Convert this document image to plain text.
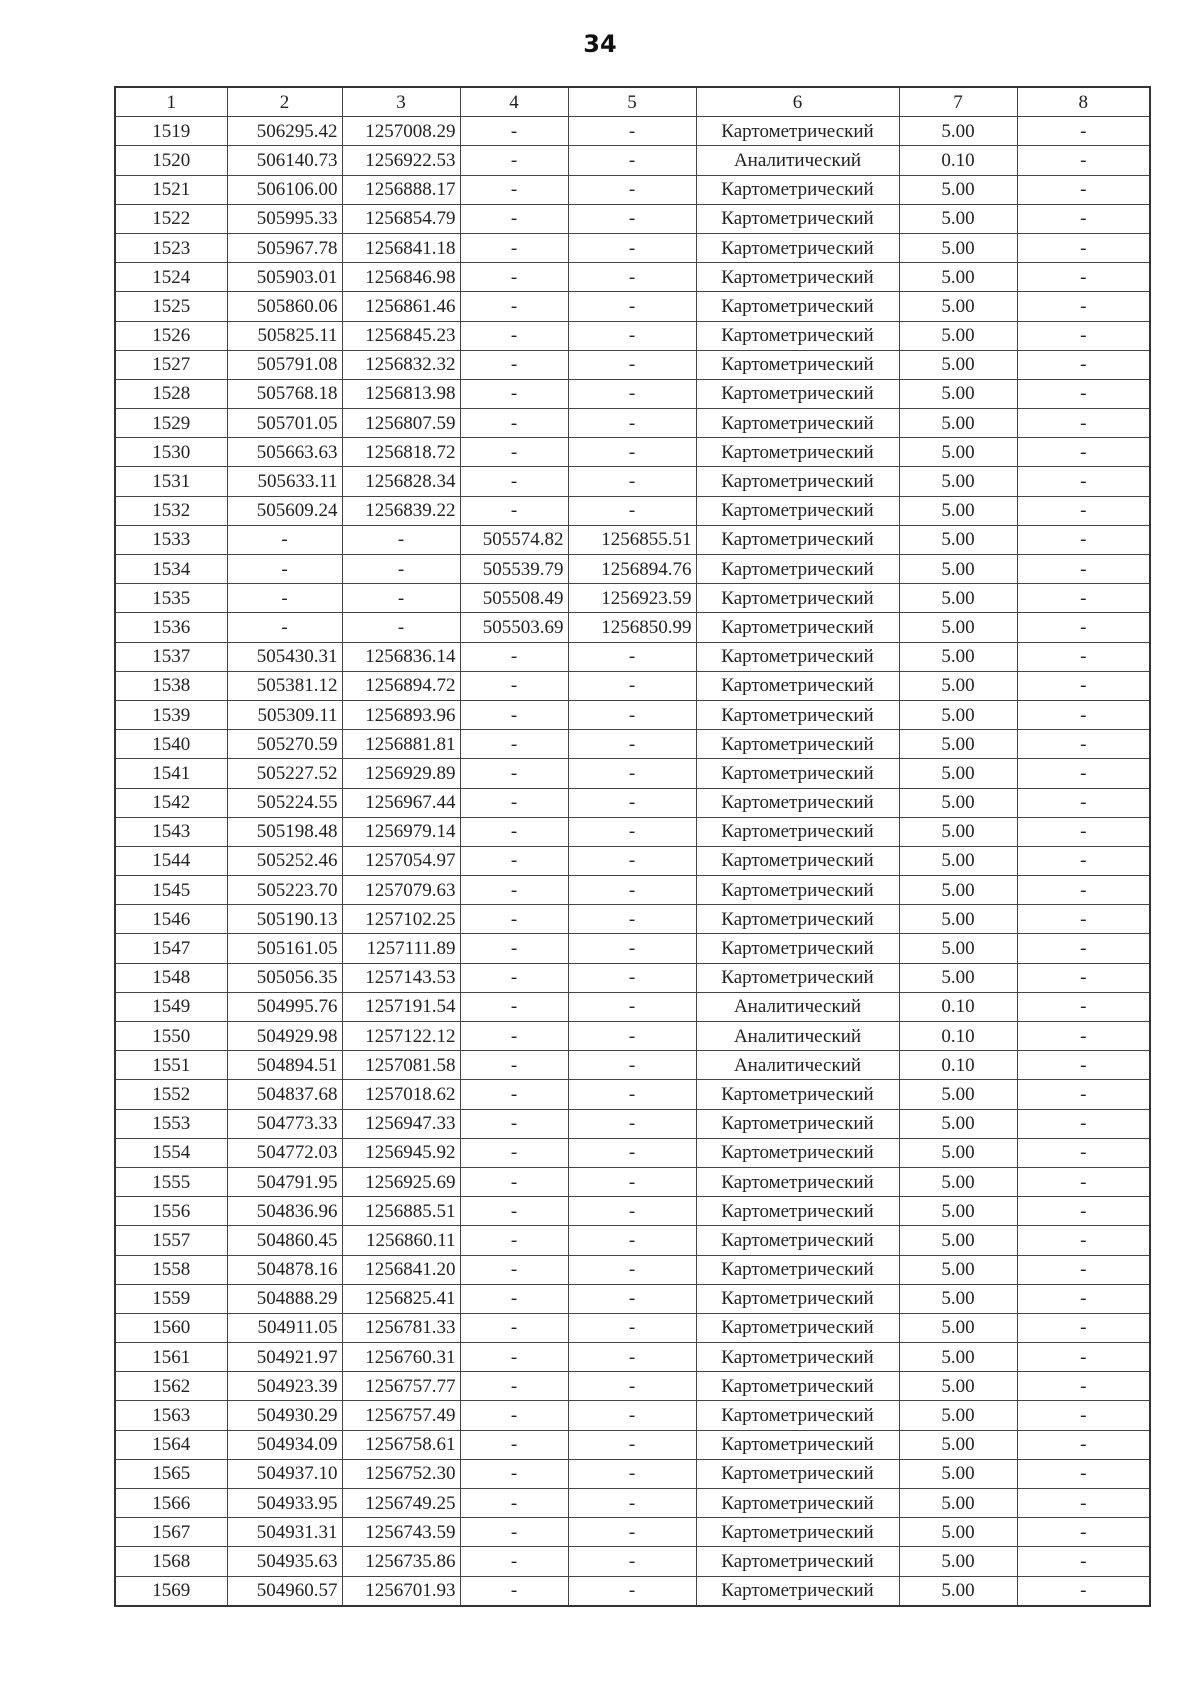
34
1	2	3	4	5	6	7	8
1519	506295.42	1257008.29	-	-	Картометрический	5.00	-
1520	506140.73	1256922.53	-	-	Аналитический	0.10	-
1521	506106.00	1256888.17	-	-	Картометрический	5.00	-
1522	505995.33	1256854.79	-	-	Картометрический	5.00	-
1523	505967.78	1256841.18	-	-	Картометрический	5.00	-
1524	505903.01	1256846.98	-	-	Картометрический	5.00	-
1525	505860.06	1256861.46	-	-	Картометрический	5.00	-
1526	505825.11	1256845.23	-	-	Картометрический	5.00	-
1527	505791.08	1256832.32	-	-	Картометрический	5.00	-
1528	505768.18	1256813.98	-	-	Картометрический	5.00	-
1529	505701.05	1256807.59	-	-	Картометрический	5.00	-
1530	505663.63	1256818.72	-	-	Картометрический	5.00	-
1531	505633.11	1256828.34	-	-	Картометрический	5.00	-
1532	505609.24	1256839.22	-	-	Картометрический	5.00	-
1533	-	-	505574.82	1256855.51	Картометрический	5.00	-
1534	-	-	505539.79	1256894.76	Картометрический	5.00	-
1535	-	-	505508.49	1256923.59	Картометрический	5.00	-
1536	-	-	505503.69	1256850.99	Картометрический	5.00	-
1537	505430.31	1256836.14	-	-	Картометрический	5.00	-
1538	505381.12	1256894.72	-	-	Картометрический	5.00	-
1539	505309.11	1256893.96	-	-	Картометрический	5.00	-
1540	505270.59	1256881.81	-	-	Картометрический	5.00	-
1541	505227.52	1256929.89	-	-	Картометрический	5.00	-
1542	505224.55	1256967.44	-	-	Картометрический	5.00	-
1543	505198.48	1256979.14	-	-	Картометрический	5.00	-
1544	505252.46	1257054.97	-	-	Картометрический	5.00	-
1545	505223.70	1257079.63	-	-	Картометрический	5.00	-
1546	505190.13	1257102.25	-	-	Картометрический	5.00	-
1547	505161.05	1257111.89	-	-	Картометрический	5.00	-
1548	505056.35	1257143.53	-	-	Картометрический	5.00	-
1549	504995.76	1257191.54	-	-	Аналитический	0.10	-
1550	504929.98	1257122.12	-	-	Аналитический	0.10	-
1551	504894.51	1257081.58	-	-	Аналитический	0.10	-
1552	504837.68	1257018.62	-	-	Картометрический	5.00	-
1553	504773.33	1256947.33	-	-	Картометрический	5.00	-
1554	504772.03	1256945.92	-	-	Картометрический	5.00	-
1555	504791.95	1256925.69	-	-	Картометрический	5.00	-
1556	504836.96	1256885.51	-	-	Картометрический	5.00	-
1557	504860.45	1256860.11	-	-	Картометрический	5.00	-
1558	504878.16	1256841.20	-	-	Картометрический	5.00	-
1559	504888.29	1256825.41	-	-	Картометрический	5.00	-
1560	504911.05	1256781.33	-	-	Картометрический	5.00	-
1561	504921.97	1256760.31	-	-	Картометрический	5.00	-
1562	504923.39	1256757.77	-	-	Картометрический	5.00	-
1563	504930.29	1256757.49	-	-	Картометрический	5.00	-
1564	504934.09	1256758.61	-	-	Картометрический	5.00	-
1565	504937.10	1256752.30	-	-	Картометрический	5.00	-
1566	504933.95	1256749.25	-	-	Картометрический	5.00	-
1567	504931.31	1256743.59	-	-	Картометрический	5.00	-
1568	504935.63	1256735.86	-	-	Картометрический	5.00	-
1569	504960.57	1256701.93	-	-	Картометрический	5.00	-
